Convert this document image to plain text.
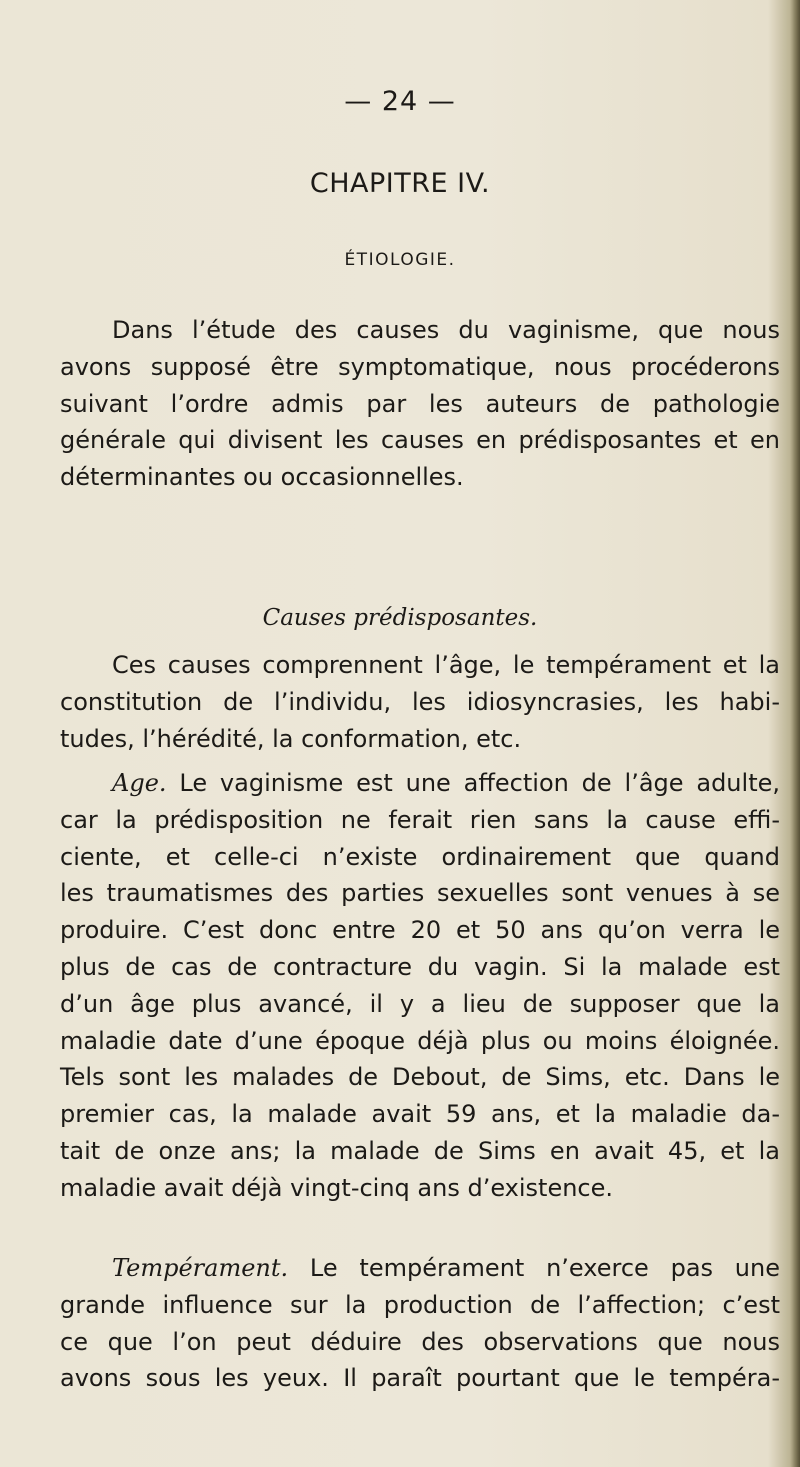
— 24 —
CHAPITRE IV.
ÉTIOLOGIE.
Dans l’étude des causes du vaginisme, que nous
avons supposé être symptomatique, nous procéderons
suivant l’ordre admis par les auteurs de pathologie
générale qui divisent les causes en prédisposantes et en
déterminantes ou occasionnelles.
Causes prédisposantes.
Ces causes comprennent l’âge, le tempérament et la
constitution de l’individu, les idiosyncrasies, les habi-
tudes, l’hérédité, la conformation, etc.
Age. Le vaginisme est une affection de l’âge adulte,
car la prédisposition ne ferait rien sans la cause effi-
ciente, et celle-ci n’existe ordinairement que quand
les traumatismes des parties sexuelles sont venues à se
produire. C’est donc entre 20 et 50 ans qu’on verra le
plus de cas de contracture du vagin. Si la malade est
d’un âge plus avancé, il y a lieu de supposer que la
maladie date d’une époque déjà plus ou moins éloignée.
Tels sont les malades de Debout, de Sims, etc. Dans le
premier cas, la malade avait 59 ans, et la maladie da-
tait de onze ans; la malade de Sims en avait 45, et la
maladie avait déjà vingt-cinq ans d’existence.
Tempérament. Le tempérament n’exerce pas une
grande influence sur la production de l’affection; c’est
ce que l’on peut déduire des observations que nous
avons sous les yeux. Il paraît pourtant que le tempéra-
